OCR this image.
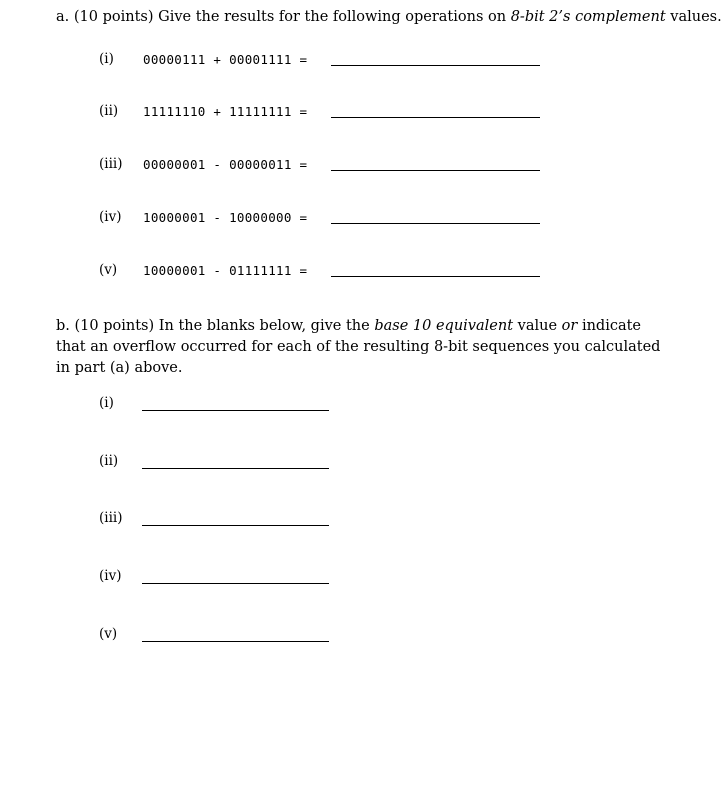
a. (10 points) Give the results for the following operations on 8-bit 2’s complement values.
(i) 00000111 + 00001111 =
(ii) 11111110 + 11111111 =
(iii) 00000001 - 00000011 =
(iv) 10000001 - 10000000 =
(v) 10000001 - 01111111 =
b. (10 points) In the blanks below, give the base 10 equivalent value or indicate that an overflow occurred for each of the resulting 8-bit sequences you calculated in part (a) above.
(i)
(ii)
(iii)
(iv)
(v)
